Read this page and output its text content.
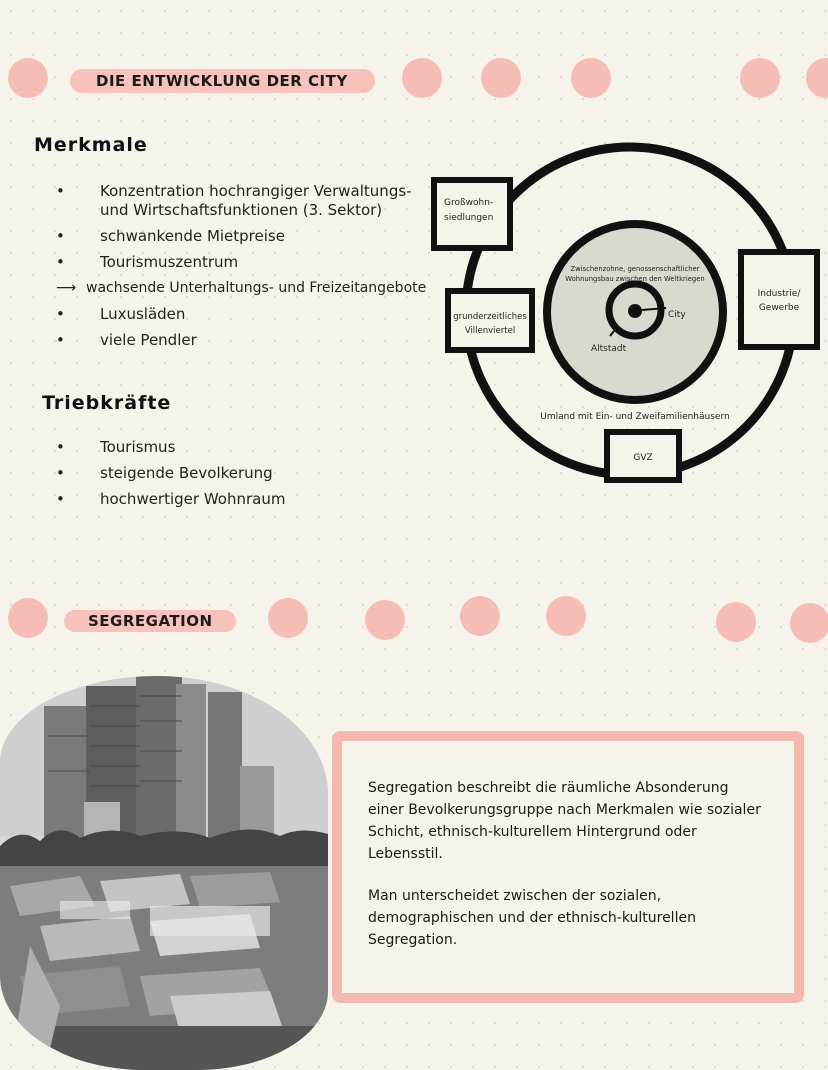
DIE ENTWICKLUNG DER CITY
Merkmale
• Konzentration hochrangiger Verwaltungs- und Wirtschaftsfunktionen (3. Sektor)
• schwankende Mietpreise
• Tourismuszentrum
⟶ wachsende Unterhaltungs- und Freizeitangebote
• Luxusläden
• viele Pendler
Triebkräfte
• Tourismus
• steigende Bevolkerung
• hochwertiger Wohnraum
Großwohn-
siedlungen
Industrie/
Gewerbe
grunderzeitliches
Villenviertel
Zwischenzohne, genossenschaftlicher
Wohnungsbau zwischen den Weltkriegen
City
Altstadt
Umland mit Ein- und Zweifamilienhäusern
GVZ
SEGREGATION

Segregation beschreibt die räumliche Absonderung einer Bevolkerungsgruppe nach Merkmalen wie sozialer Schicht, ethnisch-kulturellem Hintergrund oder Lebensstil.

Man unterscheidet zwischen der sozialen, demographischen und der ethnisch-kulturellen Segregation.
